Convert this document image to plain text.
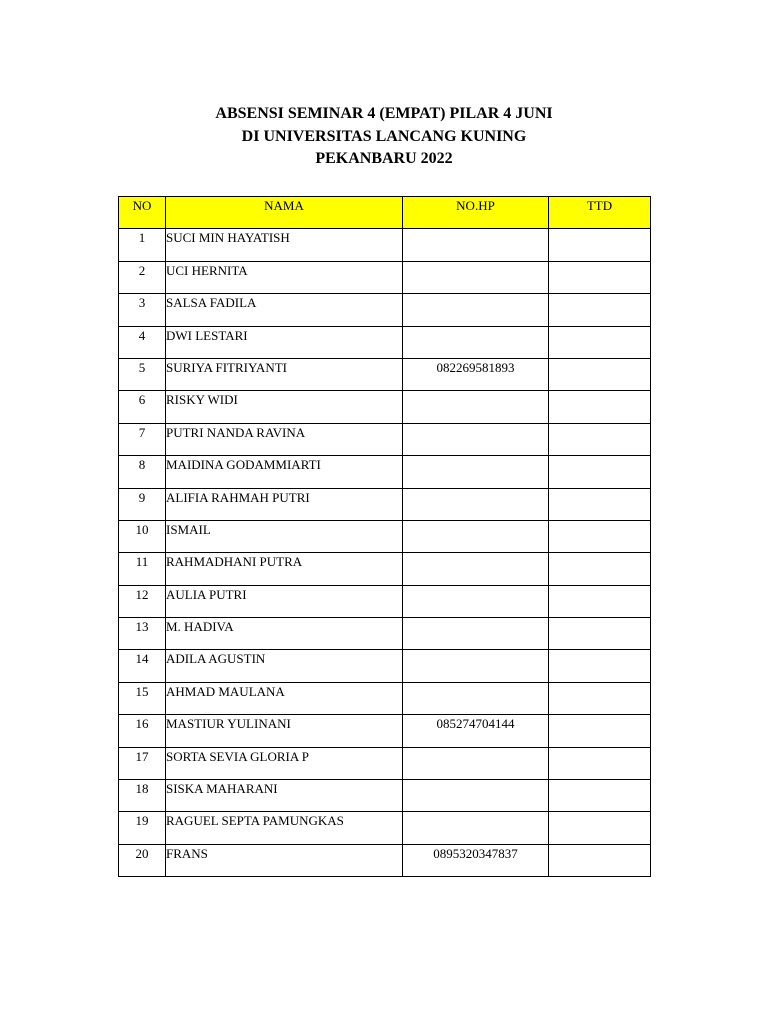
ABSENSI SEMINAR 4 (EMPAT) PILAR 4 JUNI
DI UNIVERSITAS LANCANG KUNING
PEKANBARU 2022
NO	NAMA	NO.HP	TTD
1	SUCI MIN HAYATISH		
2	UCI HERNITA		
3	SALSA FADILA		
4	DWI LESTARI		
5	SURIYA FITRIYANTI	082269581893	
6	RISKY WIDI		
7	PUTRI NANDA RAVINA		
8	MAIDINA GODAMMIARTI		
9	ALIFIA RAHMAH PUTRI		
10	ISMAIL		
11	RAHMADHANI PUTRA		
12	AULIA PUTRI		
13	M. HADIVA		
14	ADILA AGUSTIN		
15	AHMAD MAULANA		
16	MASTIUR YULINANI	085274704144	
17	SORTA SEVIA GLORIA P		
18	SISKA MAHARANI		
19	RAGUEL SEPTA PAMUNGKAS		
20	FRANS	0895320347837	
